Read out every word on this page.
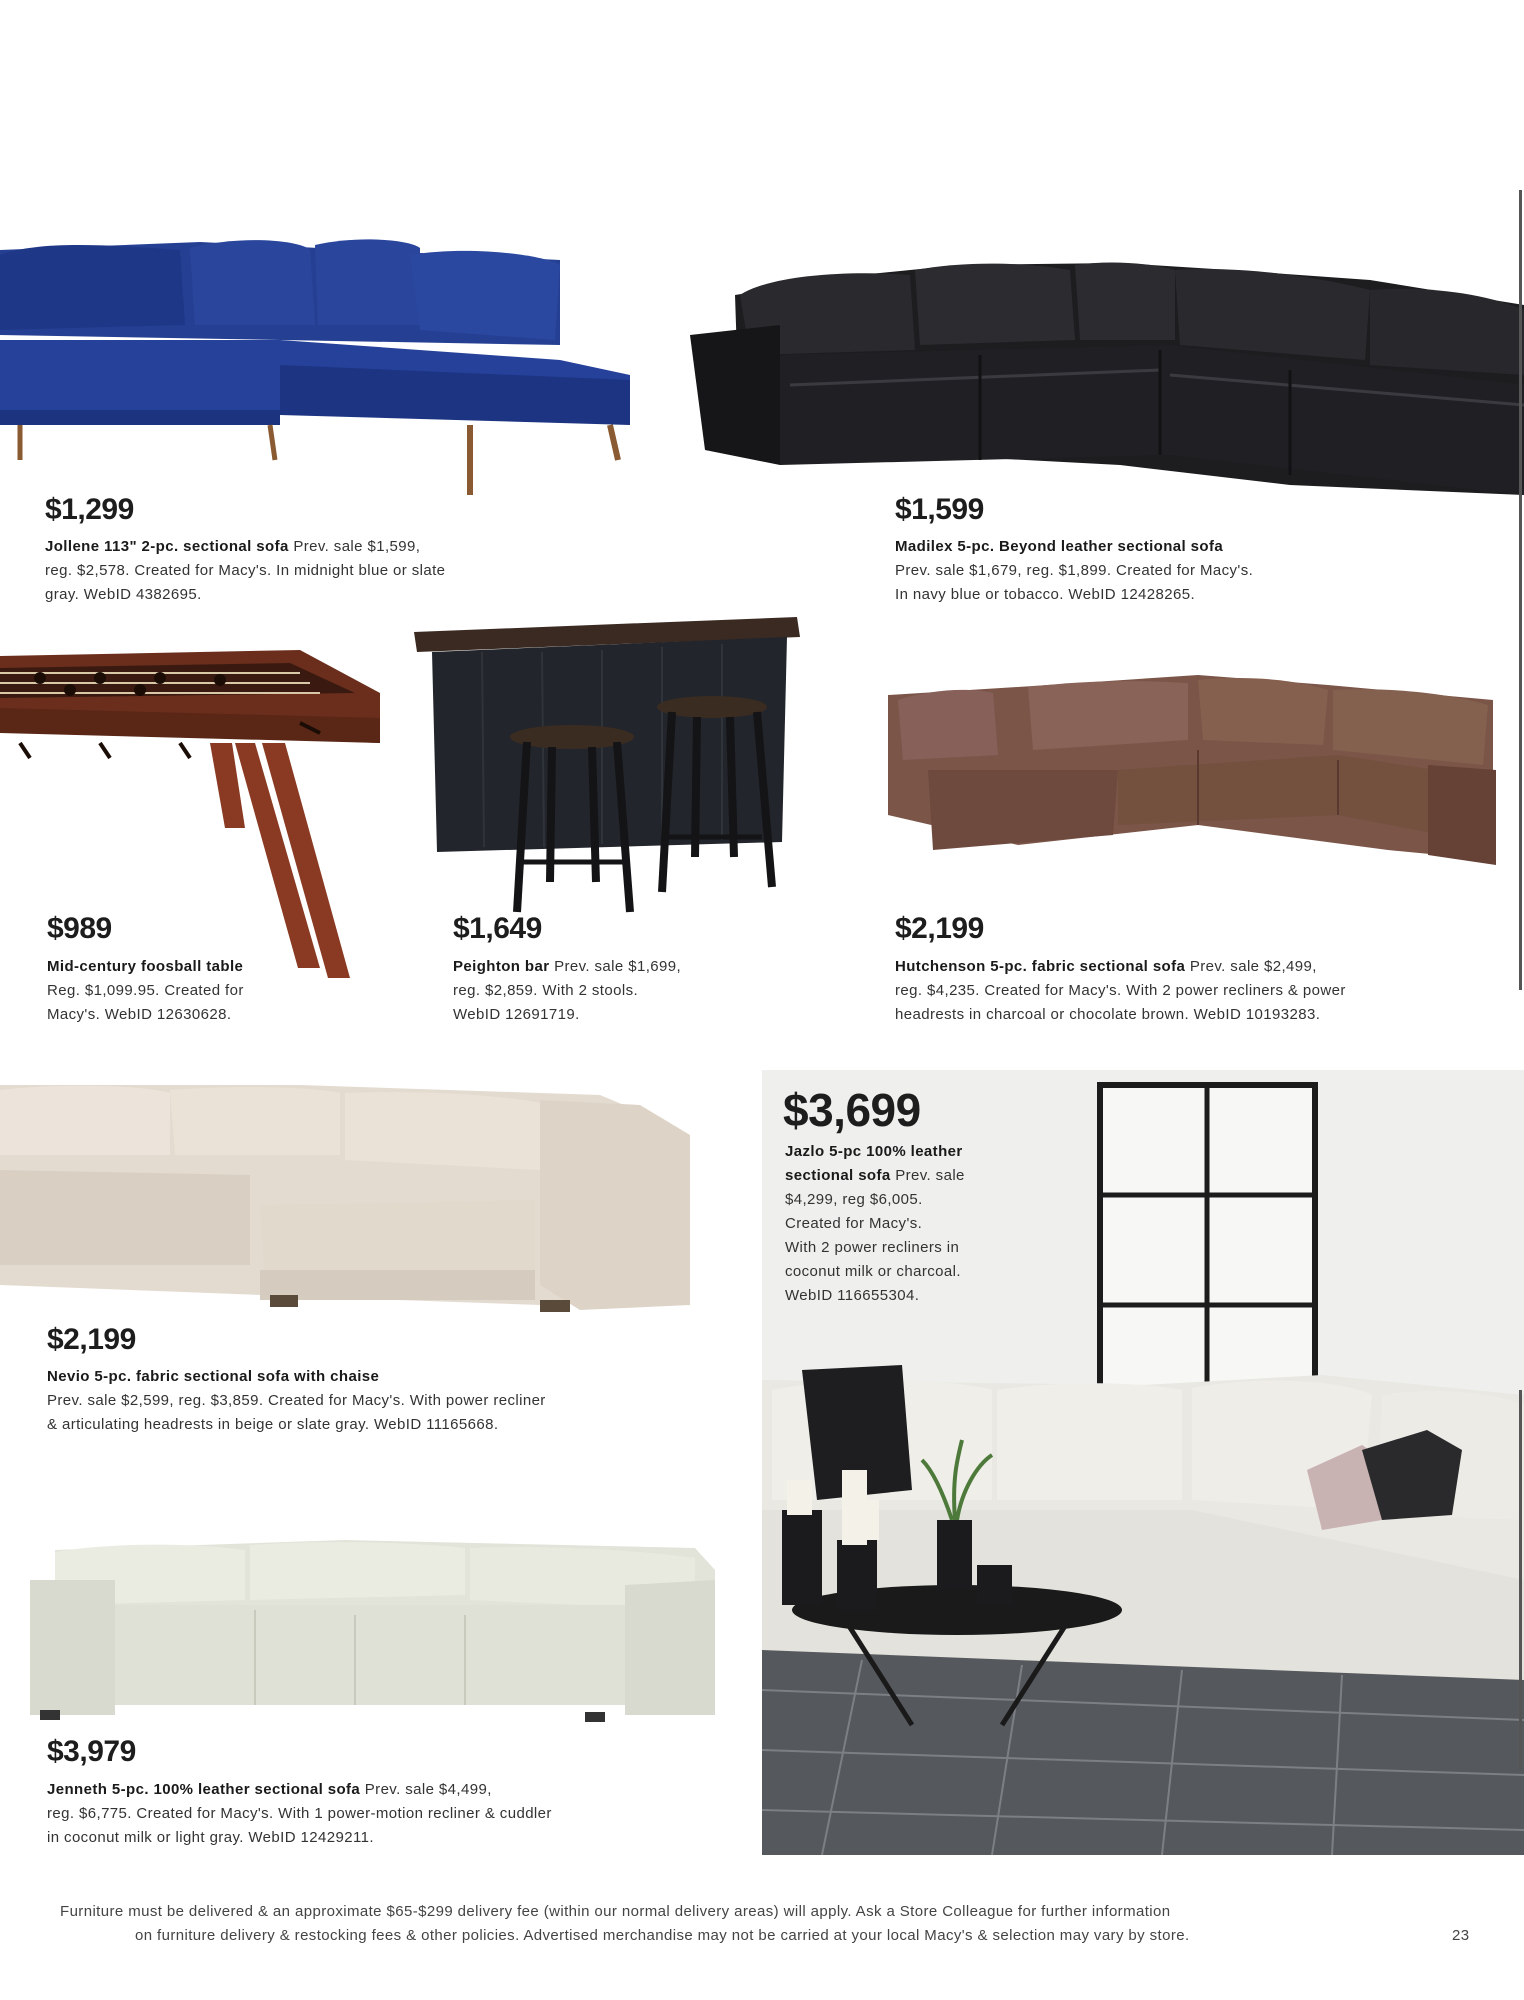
$1,299
Jollene 113" 2-pc. sectional sofa Prev. sale $1,599,
reg. $2,578. Created for Macy's. In midnight blue or slate
gray. WebID 4382695.
$1,599
Madilex 5-pc. Beyond leather sectional sofa
Prev. sale $1,679, reg. $1,899. Created for Macy's.
In navy blue or tobacco. WebID 12428265.
$989
Mid-century foosball table
Reg. $1,099.95. Created for
Macy's. WebID 12630628.
$1,649
Peighton bar Prev. sale $1,699,
reg. $2,859. With 2 stools.
WebID 12691719.
$2,199
Hutchenson 5-pc. fabric sectional sofa Prev. sale $2,499,
reg. $4,235. Created for Macy's. With 2 power recliners & power
headrests in charcoal or chocolate brown. WebID 10193283.
$2,199
Nevio 5-pc. fabric sectional sofa with chaise
Prev. sale $2,599, reg. $3,859. Created for Macy's. With power recliner
& articulating headrests in beige or slate gray. WebID 11165668.
$3,699
Jazlo 5-pc 100% leather
sectional sofa Prev. sale
$4,299, reg $6,005.
Created for Macy's.
With 2 power recliners in
coconut milk or charcoal.
WebID 116655304.
$3,979
Jenneth 5-pc. 100% leather sectional sofa Prev. sale $4,499,
reg. $6,775. Created for Macy's. With 1 power-motion recliner & cuddler
in coconut milk or light gray. WebID 12429211.
Furniture must be delivered & an approximate $65-$299 delivery fee (within our normal delivery areas) will apply. Ask a Store Colleague for further information
on furniture delivery & restocking fees & other policies. Advertised merchandise may not be carried at your local Macy's & selection may vary by store.	23
